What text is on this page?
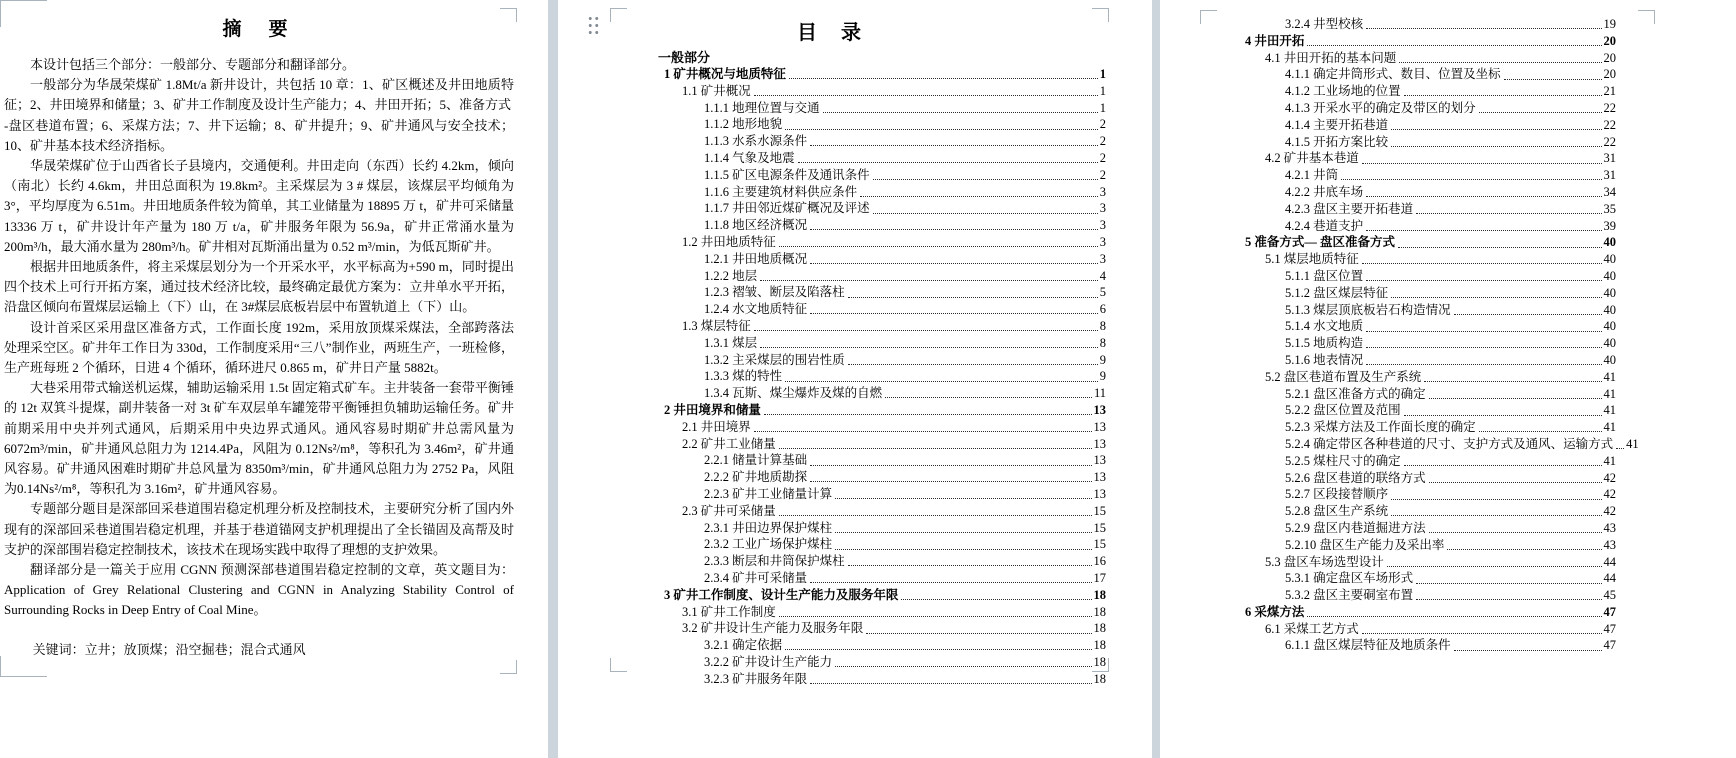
摘　要

本设计包括三个部分：一般部分、专题部分和翻译部分。

一般部分为华晟荣煤矿 1.8Mt/a 新井设计，共包括 10 章：1、矿区概述及井田地质特征；2、井田境界和储量；3、矿井工作制度及设计生产能力；4、井田开拓；5、准备方式

-盘区巷道布置；6、采煤方法；7、井下运输；8、矿井提升；9、矿井通风与安全技术；10、矿井基本技术经济指标。

华晟荣煤矿位于山西省长子县境内，交通便利。井田走向（东西）长约 4.2km，倾向（南北）长约 4.6km，井田总面积为 19.8km²。主采煤层为 3 # 煤层，该煤层平均倾角为 3°，平均厚度为 6.51m。井田地质条件较为简单，其工业储量为 18895 万 t，矿井可采储量 13336 万 t，矿井设计年产量为 180 万 t/a，矿井服务年限为 56.9a，矿井正常涌水量为 200m³/h，最大涌水量为 280m³/h。矿井相对瓦斯涌出量为 0.52 m³/min，为低瓦斯矿井。

根据井田地质条件，将主采煤层划分为一个开采水平，水平标高为+590 m，同时提出四个技术上可行开拓方案，通过技术经济比较，最终确定最优方案为：立井单水平开拓， 沿盘区倾向布置煤层运输上（下）山，在 3#煤层底板岩层中布置轨道上（下）山。

设计首采区采用盘区准备方式，工作面长度 192m，采用放顶煤采煤法，全部跨落法处理采空区。矿井年工作日为 330d，工作制度采用“三八”制作业，两班生产，一班检修， 生产班每班 2 个循环，日进 4 个循环，循环进尺 0.865 m，矿井日产量 5882t。

大巷采用带式输送机运煤，辅助运输采用 1.5t 固定箱式矿车。主井装备一套带平衡锤的 12t 双箕斗提煤，副井装备一对 3t 矿车双层单车罐笼带平衡锤担负辅助运输任务。矿井前期采用中央并列式通风，后期采用中央边界式通风。通风容易时期矿井总需风量为6072m³/min，矿井通风总阻力为 1214.4Pa，风阻为 0.12Ns²/m⁸，等积孔为 3.46m²，矿井通风容易。矿井通风困难时期矿井总风量为 8350m³/min，矿井通风总阻力为 2752 Pa，风阻为0.14Ns²/m⁸，等积孔为 3.16m²，矿井通风容易。

专题部分题目是深部回采巷道围岩稳定机理分析及控制技术，主要研究分析了国内外现有的深部回采巷道围岩稳定机理，并基于巷道锚网支护机理提出了全长锚固及高帮及时支护的深部围岩稳定控制技术，该技术在现场实践中取得了理想的支护效果。

翻译部分是一篇关于应用 CGNN 预测深部巷道围岩稳定控制的文章，英文题目为：Application of Grey Relational Clustering and CGNN in Analyzing Stability Control of Surrounding Rocks in Deep Entry of Coal Mine。

关键词：立井；放顶煤；沿空掘巷；混合式通风

目　录
一般部分
1 矿井概况与地质特征	1
1.1 矿井概况	1
1.1.1 地理位置与交通	1
1.1.2 地形地貌	2
1.1.3 水系水源条件	2
1.1.4 气象及地震	2
1.1.5 矿区电源条件及通讯条件	2
1.1.6 主要建筑材料供应条件	3
1.1.7 井田邻近煤矿概况及评述	3
1.1.8 地区经济概况	3
1.2 井田地质特征	3
1.2.1 井田地质概况	3
1.2.2 地层	4
1.2.3 褶皱、断层及陷落柱	5
1.2.4 水文地质特征	6
1.3 煤层特征	8
1.3.1 煤层	8
1.3.2 主采煤层的围岩性质	9
1.3.3 煤的特性	9
1.3.4 瓦斯、煤尘爆炸及煤的自燃	11
2 井田境界和储量	13
2.1 井田境界	13
2.2 矿井工业储量	13
2.2.1 储量计算基础	13
2.2.2 矿井地质勘探	13
2.2.3 矿井工业储量计算	13
2.3 矿井可采储量	15
2.3.1 井田边界保护煤柱	15
2.3.2 工业广场保护煤柱	15
2.3.3 断层和井筒保护煤柱	16
2.3.4 矿井可采储量	17
3 矿井工作制度、设计生产能力及服务年限	18
3.1 矿井工作制度	18
3.2 矿井设计生产能力及服务年限	18
3.2.1 确定依据	18
3.2.2 矿井设计生产能力	18
3.2.3 矿井服务年限	18
3.2.4 井型校核	19
4 井田开拓	20
4.1 井田开拓的基本问题	20
4.1.1 确定井筒形式、数目、位置及坐标	20
4.1.2 工业场地的位置	21
4.1.3 开采水平的确定及带区的划分	22
4.1.4 主要开拓巷道	22
4.1.5 开拓方案比较	22
4.2 矿井基本巷道	31
4.2.1 井筒	31
4.2.2 井底车场	34
4.2.3 盘区主要开拓巷道	35
4.2.4 巷道支护	39
5 准备方式— 盘区准备方式	40
5.1 煤层地质特征	40
5.1.1 盘区位置	40
5.1.2 盘区煤层特征	40
5.1.3 煤层顶底板岩石构造情况	40
5.1.4 水文地质	40
5.1.5 地质构造	40
5.1.6 地表情况	40
5.2 盘区巷道布置及生产系统	41
5.2.1 盘区准备方式的确定	41
5.2.2 盘区位置及范围	41
5.2.3 采煤方法及工作面长度的确定	41
5.2.4 确定带区各种巷道的尺寸、支护方式及通风、运输方式 41
5.2.5 煤柱尺寸的确定	41
5.2.6 盘区巷道的联络方式	42
5.2.7 区段接替顺序	42
5.2.8 盘区生产系统	42
5.2.9 盘区内巷道掘进方法	43
5.2.10 盘区生产能力及采出率	43
5.3 盘区车场选型设计	44
5.3.1 确定盘区车场形式	44
5.3.2 盘区主要硐室布置	45
6 采煤方法	47
6.1 采煤工艺方式	47
6.1.1 盘区煤层特征及地质条件	47
